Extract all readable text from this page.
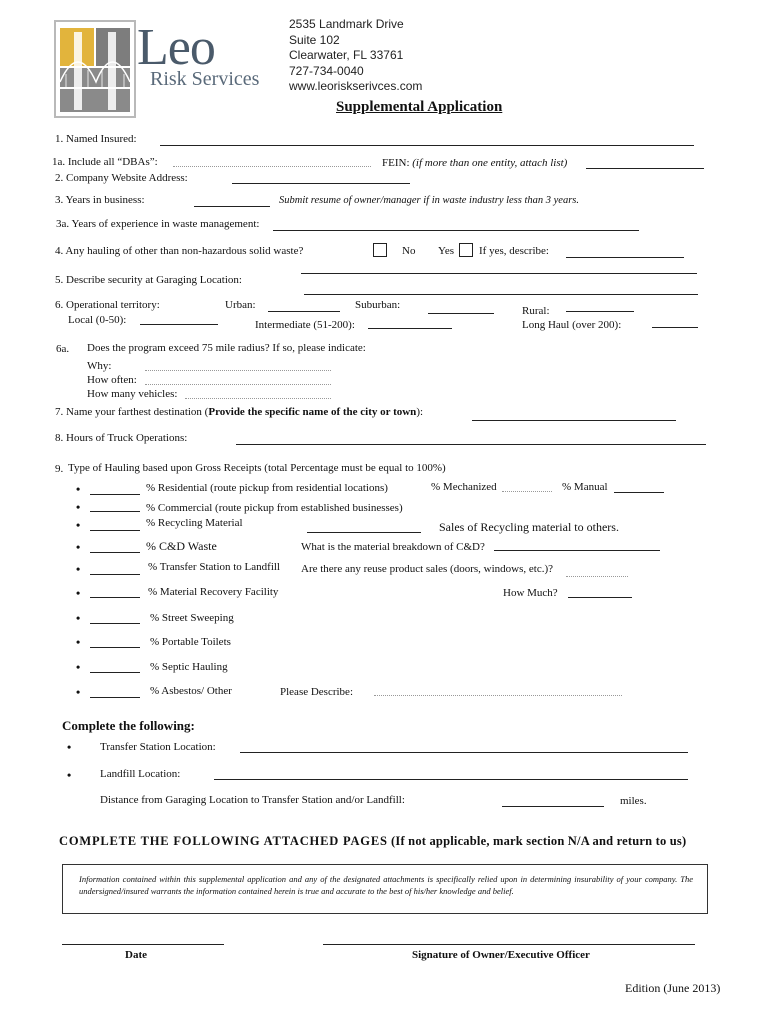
Leo
Risk Services
2535 Landmark Drive
Suite 102
Clearwater, FL 33761
727-734-0040
www.leoriskserivces.com
Supplemental Application
1. Named Insured:
1a. Include all “DBAs”:	FEIN: (if more than one entity, attach list)
2. Company Website Address:
3. Years in business:	Submit resume of owner/manager if in waste industry less than 3 years.
3a. Years of experience in waste management:
4. Any hauling of other than non-hazardous solid waste?	No Yes If yes, describe:
5. Describe security at Garaging Location:
6. Operational territory:	Urban:	Suburban:	Rural:
Local (0-50):	Intermediate (51-200):	Long Haul (over 200):
6a. Does the program exceed 75 mile radius? If so, please indicate:
Why:
How often:
How many vehicles:
7. Name your farthest destination (Provide the specific name of the city or town):
8. Hours of Truck Operations:
9. Type of Hauling based upon Gross Receipts (total Percentage must be equal to 100%)
•	% Residential (route pickup from residential locations)	% Mechanized	% Manual
•	% Commercial (route pickup from established businesses)
•	% Recycling Material	Sales of Recycling material to others.
•	% C&D Waste	What is the material breakdown of C&D?
•	% Transfer Station to Landfill Are there any reuse product sales (doors, windows, etc.)?
•	% Material Recovery Facility	How Much?
•	% Street Sweeping
•	% Portable Toilets
•	% Septic Hauling
•	% Asbestos/ Other	Please Describe:
Complete the following:
•	Transfer Station Location:
•	Landfill Location:
Distance from Garaging Location to Transfer Station and/or Landfill:	miles.
COMPLETE THE FOLLOWING ATTACHED PAGES (If not applicable, mark section N/A and return to us)
Information contained within this supplemental application and any of the designated attachments is specifically relied upon in determining insurability of your company. The undersigned/insured warrants the information contained herein is true and accurate to the best of his/her knowledge and belief.
Date	Signature of Owner/Executive Officer
Edition (June 2013)
